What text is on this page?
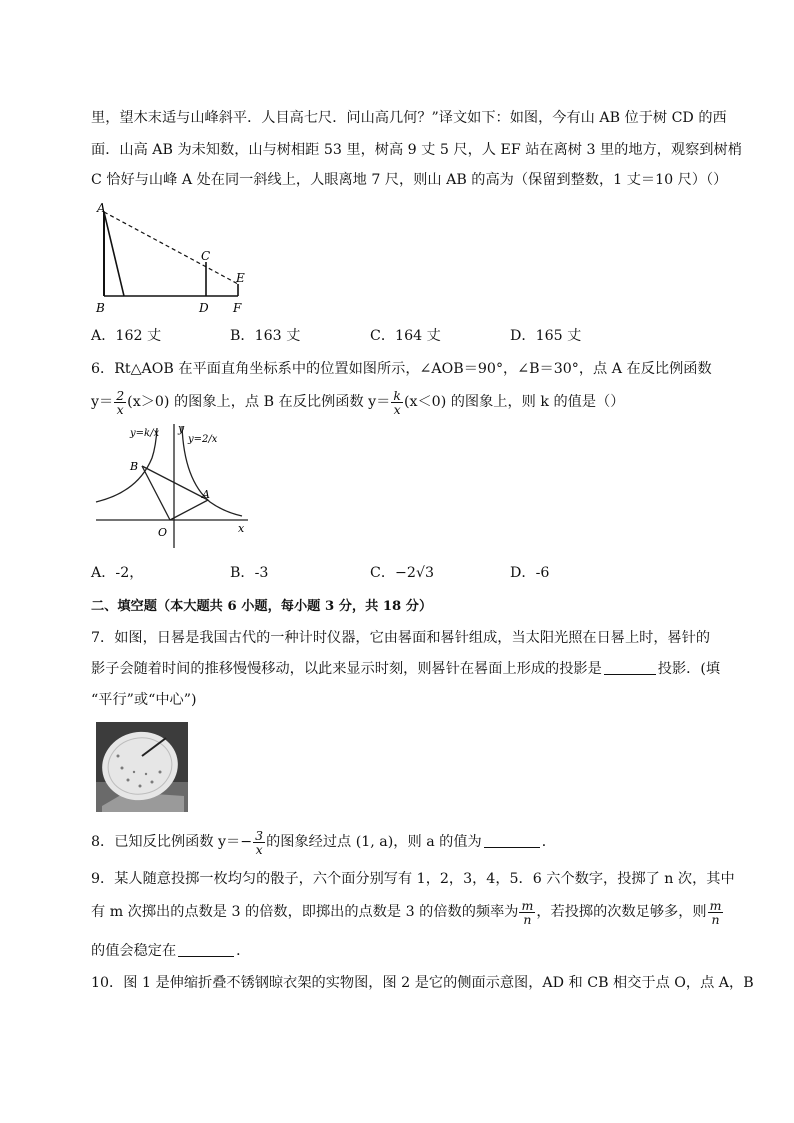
里，望木末适与山峰斜平．人目高七尺．问山高几何？”译文如下：如图，今有山 AB 位于树 CD 的西
面．山高 AB 为未知数，山与树相距 53 里，树高 9 丈 5 尺，人 EF 站在离树 3 里的地方，观察到树梢
C 恰好与山峰 A 处在同一斜线上，人眼离地 7 尺，则山 AB 的高为（保留到整数，1 丈＝10 尺）（）
A
B
C
D
E
F
A．162 丈	B．163 丈	C．164 丈	D．165 丈
6．Rt△AOB 在平面直角坐标系中的位置如图所示，∠AOB＝90°，∠B＝30°，点 A 在反比例函数
$y= \frac{2}{x} (x>0)$ 的图象上，点 B 在反比例函数 $y= \frac{k}{x} (x<0)$ 的图象上，则 k 的值是（）
y=k/x
y=2/x
y
x
B
A
O
A．-2，	B．-3	C．−2√3	D．-6
二、填空题（本大题共 6 小题，每小题 3 分，共 18 分）
7．如图，日晷是我国古代的一种计时仪器，它由晷面和晷针组成，当太阳光照在日晷上时，晷针的
影子会随着时间的推移慢慢移动，以此来显示时刻，则晷针在晷面上形成的投影是	投影．(填
“平行”或“中心”)
8．已知反比例函数 $y=- \frac{3}{x}$ 的图象经过点 (1, a)，则 a 的值为	．
9．某人随意投掷一枚均匀的骰子，六个面分别写有 1，2，3，4，5．6 六个数字，投掷了 n 次，其中
有 m 次掷出的点数是 3 的倍数，即掷出的点数是 3 的倍数的频率为 $\frac{m}{n}$ ，若投掷的次数足够多，则 $\frac{m}{n}$
的值会稳定在	．
10．图 1 是伸缩折叠不锈钢晾衣架的实物图，图 2 是它的侧面示意图，AD 和 CB 相交于点 O，点 A，B
